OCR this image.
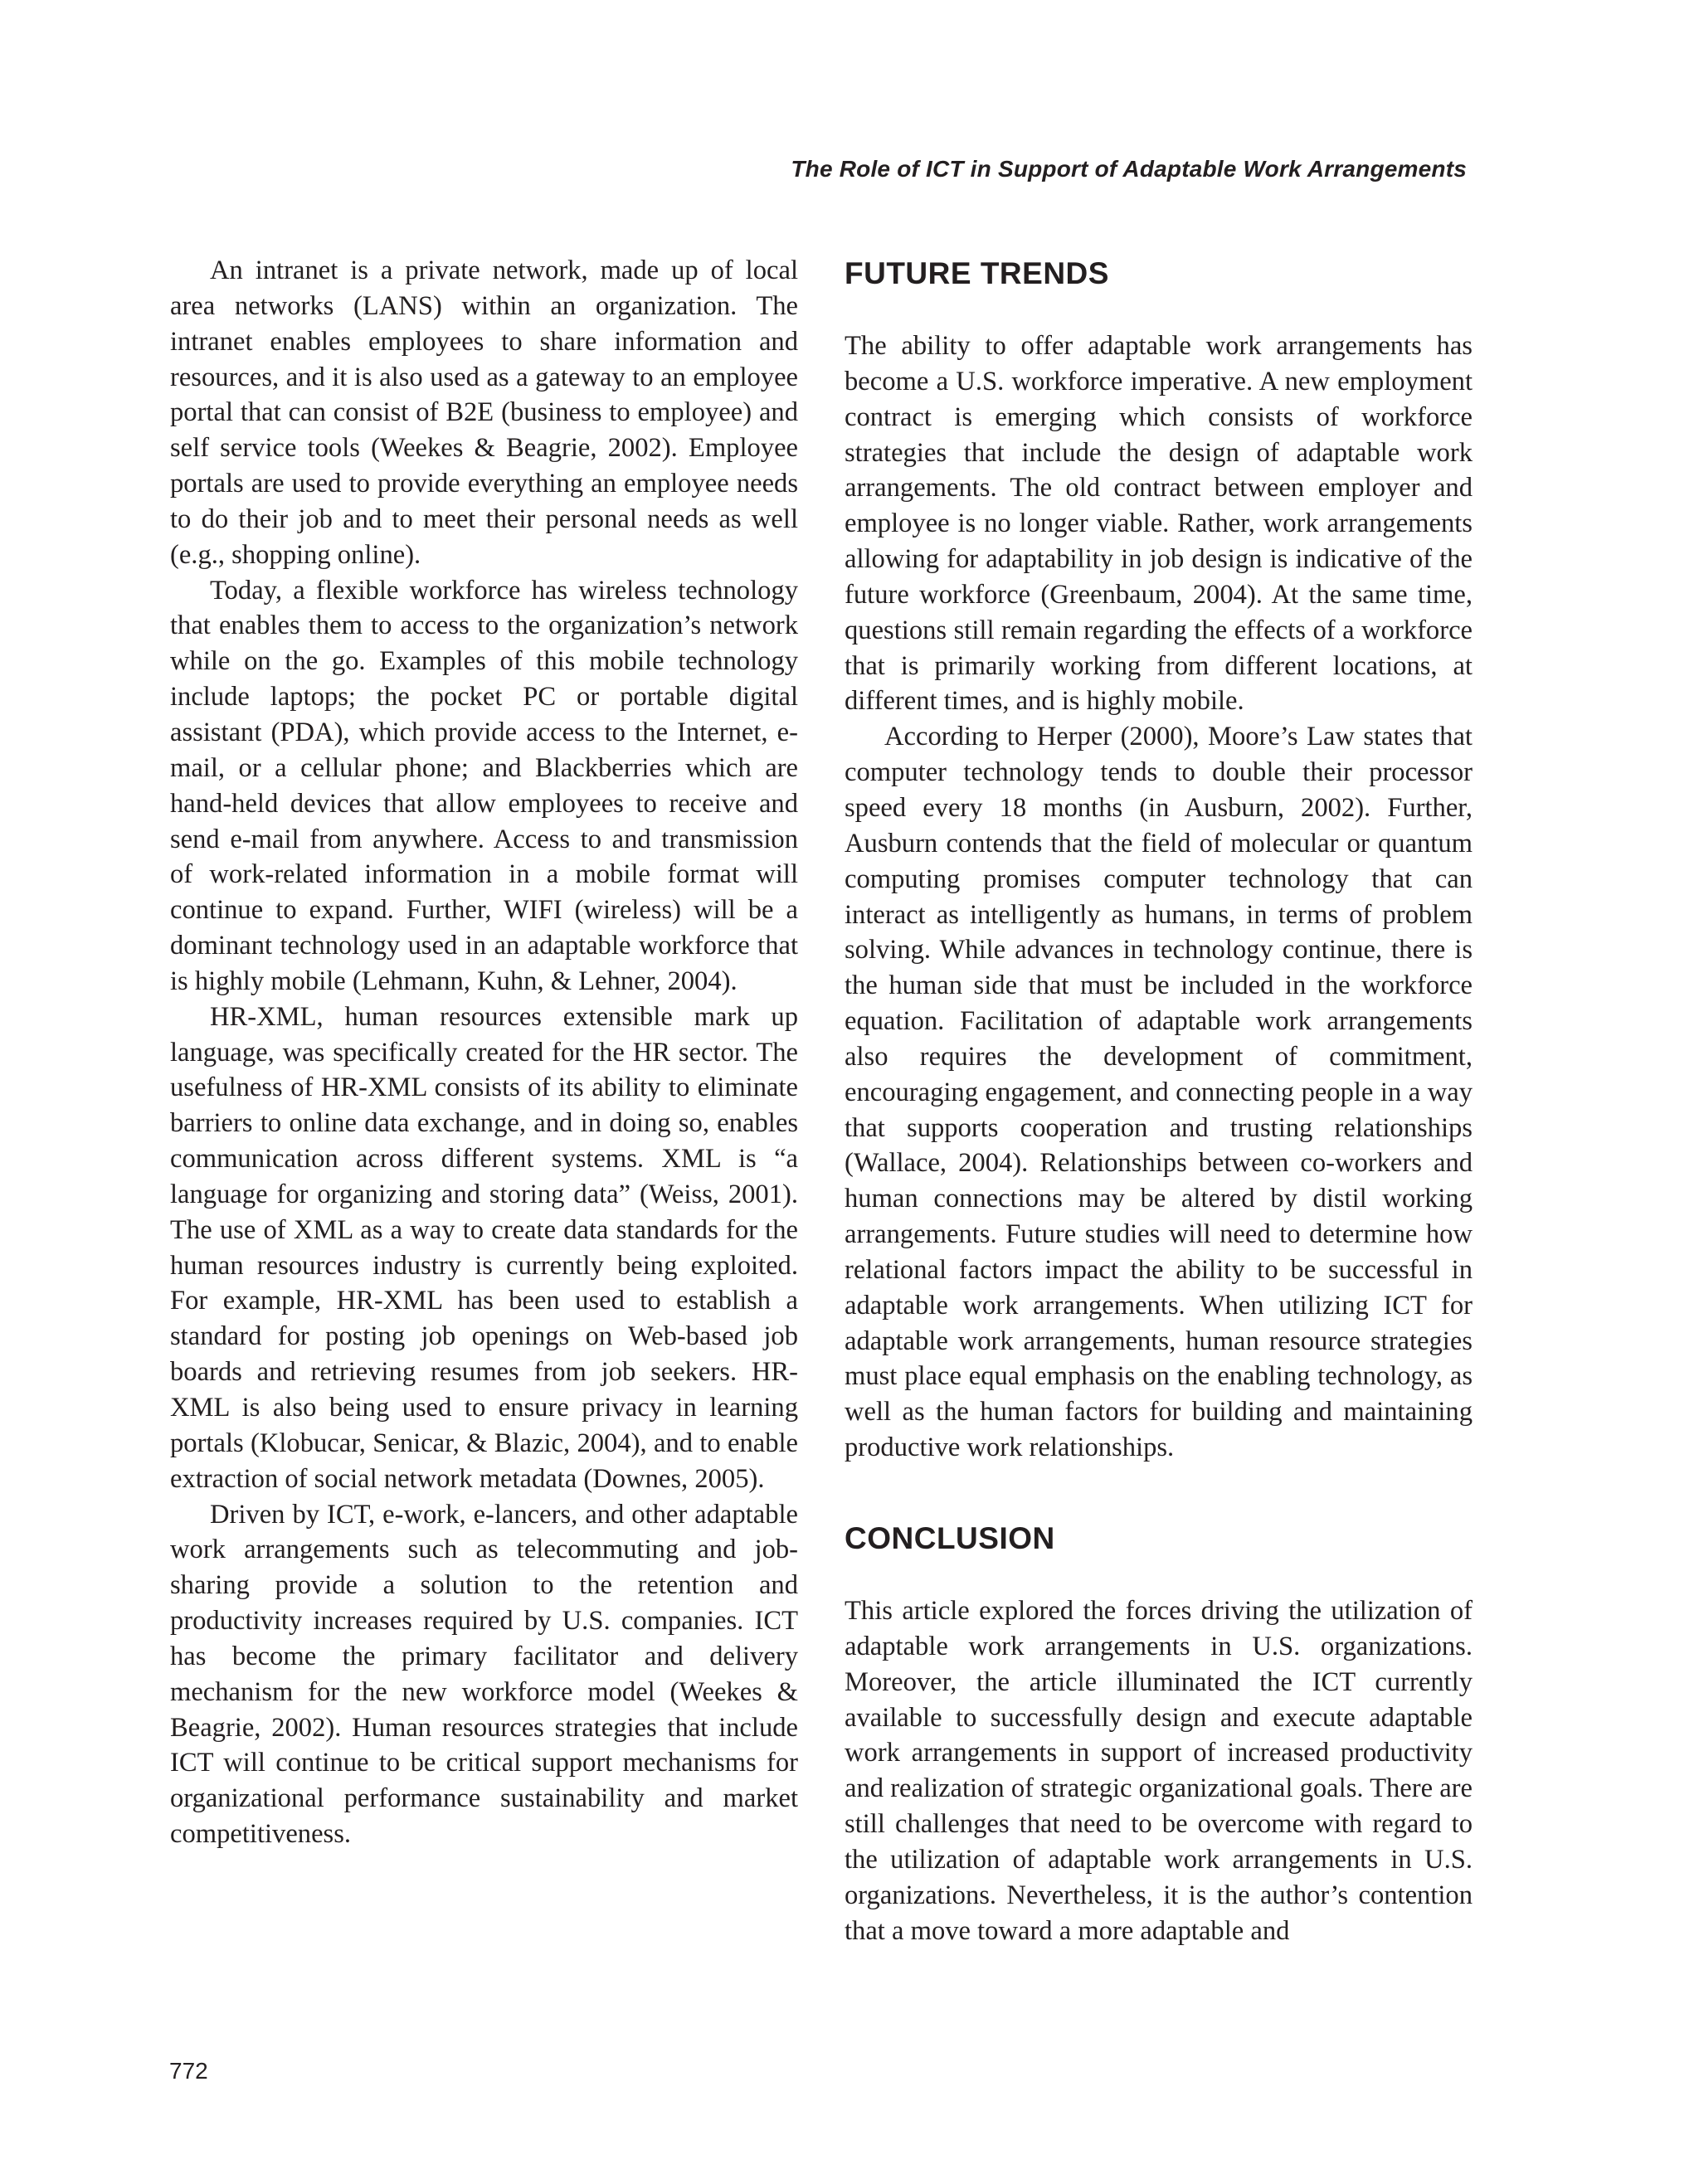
The Role of ICT in Support of Adaptable Work Arrangements

An intranet is a private network, made up of local area networks (LANS) within an organization. The intranet enables employees to share information and resources, and it is also used as a gateway to an employee portal that can consist of B2E (business to employee) and self service tools (Weekes & Beagrie, 2002). Employee portals are used to provide everything an employee needs to do their job and to meet their personal needs as well (e.g., shopping online).

Today, a flexible workforce has wireless technology that enables them to access to the organization’s network while on the go. Examples of this mobile technology include laptops; the pocket PC or portable digital assistant (PDA), which provide access to the Internet, e-mail, or a cellular phone; and Blackberries which are hand-held devices that allow employees to receive and send e-mail from anywhere. Access to and transmission of work-related information in a mobile format will continue to expand. Further, WIFI (wireless) will be a dominant technology used in an adaptable workforce that is highly mobile (Lehmann, Kuhn, & Lehner, 2004).

HR-XML, human resources extensible mark up language, was specifically created for the HR sector. The usefulness of HR-XML consists of its ability to eliminate barriers to online data exchange, and in doing so, enables communication across different systems. XML is “a language for organizing and storing data” (Weiss, 2001). The use of XML as a way to create data standards for the human resources industry is currently being exploited. For example, HR-XML has been used to establish a standard for posting job openings on Web-based job boards and retrieving resumes from job seekers. HR-XML is also being used to ensure privacy in learning portals (Klobucar, Senicar, & Blazic, 2004), and to enable extraction of social network metadata (Downes, 2005).

Driven by ICT, e-work, e-lancers, and other adaptable work arrangements such as telecommuting and job-sharing provide a solution to the retention and productivity increases required by U.S. companies. ICT has become the primary facilitator and delivery mechanism for the new workforce model (Weekes & Beagrie, 2002). Human resources strategies that include ICT will continue to be critical support mechanisms for organizational performance sustainability and market competitiveness.

FUTURE TRENDS

The ability to offer adaptable work arrangements has become a U.S. workforce imperative. A new employment contract is emerging which consists of workforce strategies that include the design of adaptable work arrangements. The old contract between employer and employee is no longer viable. Rather, work arrangements allowing for adaptability in job design is indicative of the future workforce (Greenbaum, 2004). At the same time, questions still remain regarding the effects of a workforce that is primarily working from different locations, at different times, and is highly mobile.

According to Herper (2000), Moore’s Law states that computer technology tends to double their processor speed every 18 months (in Ausburn, 2002). Further, Ausburn contends that the field of molecular or quantum computing promises computer technology that can interact as intelligently as humans, in terms of problem solving. While advances in technology continue, there is the human side that must be included in the workforce equation. Facilitation of adaptable work arrangements also requires the development of commitment, encouraging engagement, and connecting people in a way that supports cooperation and trusting relationships (Wallace, 2004). Relationships between co-workers and human connections may be altered by distil working arrangements. Future studies will need to determine how relational factors impact the ability to be successful in adaptable work arrangements. When utilizing ICT for adaptable work arrangements, human resource strategies must place equal emphasis on the enabling technology, as well as the human factors for building and maintaining productive work relationships.

CONCLUSION

This article explored the forces driving the utilization of adaptable work arrangements in U.S. organizations. Moreover, the article illuminated the ICT currently available to successfully design and execute adaptable work arrangements in support of increased productivity and realization of strategic organizational goals. There are still challenges that need to be overcome with regard to the utilization of adaptable work arrangements in U.S. organizations. Nevertheless, it is the author’s contention that a move toward a more adaptable and

772
